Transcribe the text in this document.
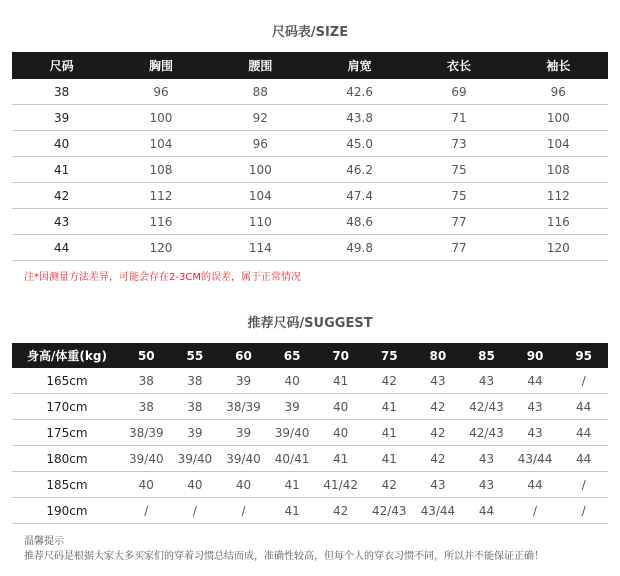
尺码表/SIZE
尺码	胸围	腰围	肩宽	衣长	袖长
38	96	88	42.6	69	96
39	100	92	43.8	71	100
40	104	96	45.0	73	104
41	108	100	46.2	75	108
42	112	104	47.4	75	112
43	116	110	48.6	77	116
44	120	114	49.8	77	120
注*因测量方法差异，可能会存在2-3CM的误差，属于正常情况
推荐尺码/SUGGEST
身高/体重(kg)	50	55	60	65	70	75	80	85	90	95
165cm	38	38	39	40	41	42	43	43	44	/
170cm	38	38	38/39	39	40	41	42	42/43	43	44
175cm	38/39	39	39	39/40	40	41	42	42/43	43	44
180cm	39/40	39/40	39/40	40/41	41	41	42	43	43/44	44
185cm	40	40	40	41	41/42	42	43	43	44	/
190cm	/	/	/	41	42	42/43	43/44	44	/	/
温馨提示
推荐尺码是根据大家大多买家们的穿着习惯总结而成，准确性较高，但每个人的穿衣习惯不同，所以并不能保证正确！
